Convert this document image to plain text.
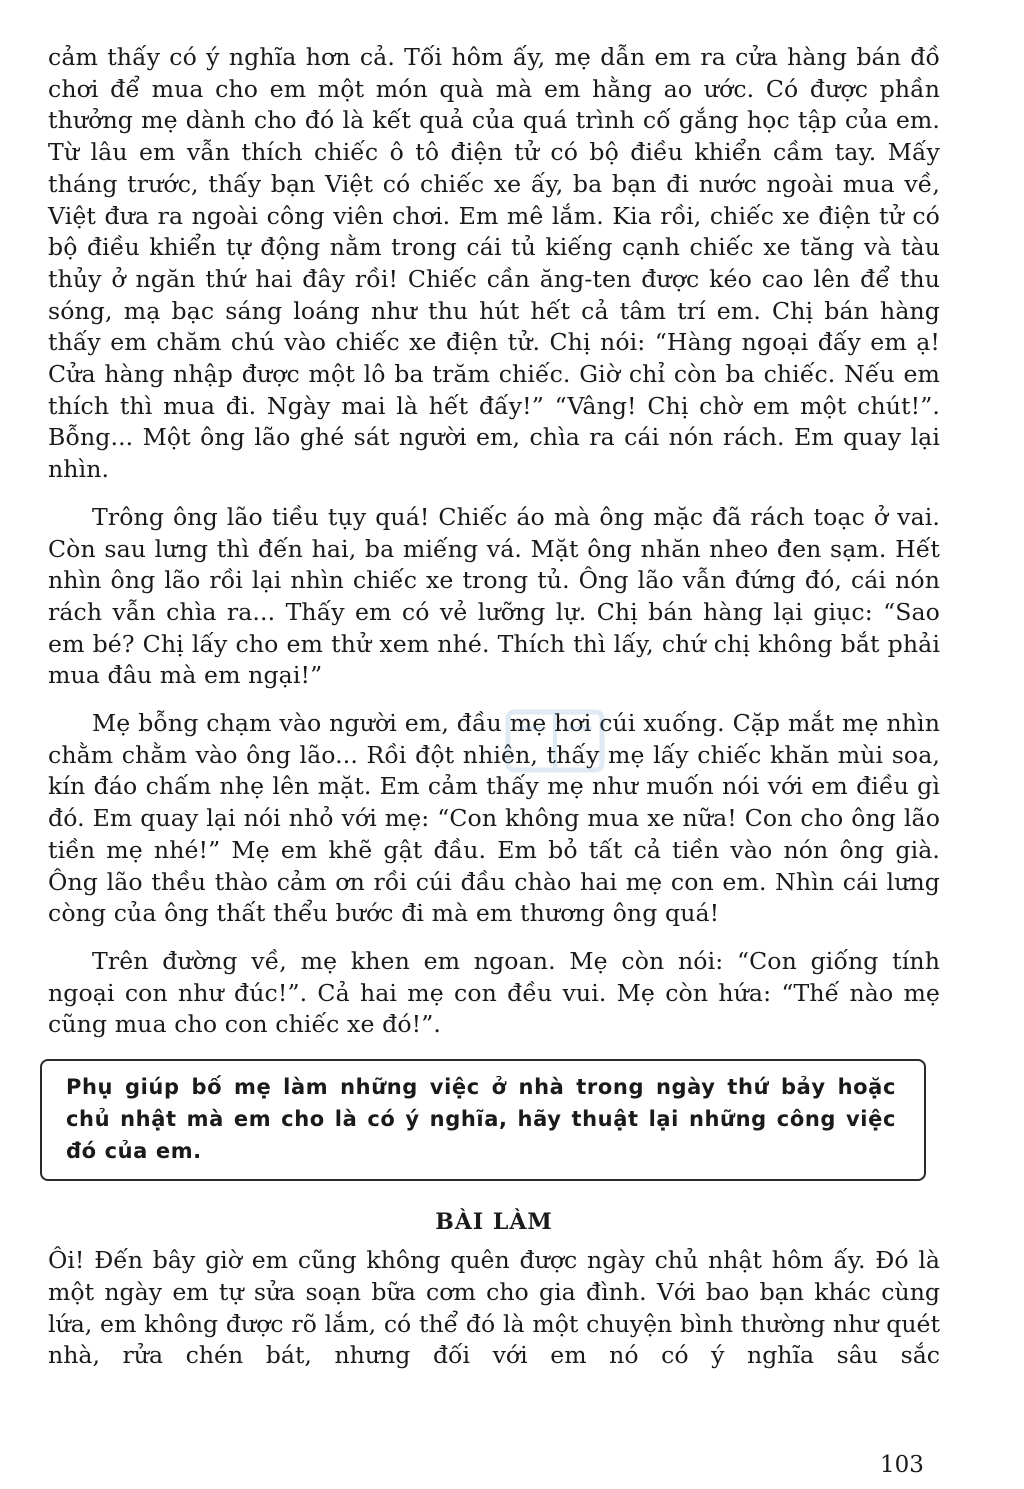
cảm thấy có ý nghĩa hơn cả. Tối hôm ấy, mẹ dẫn em ra cửa hàng bán đồ chơi để mua cho em một món quà mà em hằng ao ước. Có được phần thưởng mẹ dành cho đó là kết quả của quá trình cố gắng học tập của em. Từ lâu em vẫn thích chiếc ô tô điện tử có bộ điều khiển cầm tay. Mấy tháng trước, thấy bạn Việt có chiếc xe ấy, ba bạn đi nước ngoài mua về, Việt đưa ra ngoài công viên chơi. Em mê lắm. Kia rồi, chiếc xe điện tử có bộ điều khiển tự động nằm trong cái tủ kiếng cạnh chiếc xe tăng và tàu thủy ở ngăn thứ hai đây rồi! Chiếc cần ăng-ten được kéo cao lên để thu sóng, mạ bạc sáng loáng như thu hút hết cả tâm trí em. Chị bán hàng thấy em chăm chú vào chiếc xe điện tử. Chị nói: “Hàng ngoại đấy em ạ! Cửa hàng nhập được một lô ba trăm chiếc. Giờ chỉ còn ba chiếc. Nếu em thích thì mua đi. Ngày mai là hết đấy!” “Vâng! Chị chờ em một chút!”. Bỗng... Một ông lão ghé sát người em, chìa ra cái nón rách. Em quay lại nhìn.

Trông ông lão tiều tụy quá! Chiếc áo mà ông mặc đã rách toạc ở vai. Còn sau lưng thì đến hai, ba miếng vá. Mặt ông nhăn nheo đen sạm. Hết nhìn ông lão rồi lại nhìn chiếc xe trong tủ. Ông lão vẫn đứng đó, cái nón rách vẫn chìa ra... Thấy em có vẻ lưỡng lự. Chị bán hàng lại giục: “Sao em bé? Chị lấy cho em thử xem nhé. Thích thì lấy, chứ chị không bắt phải mua đâu mà em ngại!”

Mẹ bỗng chạm vào người em, đầu mẹ hơi cúi xuống. Cặp mắt mẹ nhìn chằm chằm vào ông lão... Rồi đột nhiên, thấy mẹ lấy chiếc khăn mùi soa, kín đáo chấm nhẹ lên mặt. Em cảm thấy mẹ như muốn nói với em điều gì đó. Em quay lại nói nhỏ với mẹ: “Con không mua xe nữa! Con cho ông lão tiền mẹ nhé!” Mẹ em khẽ gật đầu. Em bỏ tất cả tiền vào nón ông già. Ông lão thều thào cảm ơn rồi cúi đầu chào hai mẹ con em. Nhìn cái lưng còng của ông thất thểu bước đi mà em thương ông quá!

Trên đường về, mẹ khen em ngoan. Mẹ còn nói: “Con giống tính ngoại con như đúc!”. Cả hai mẹ con đều vui. Mẹ còn hứa: “Thế nào mẹ cũng mua cho con chiếc xe đó!”.

Phụ giúp bố mẹ làm những việc ở nhà trong ngày thứ bảy hoặc chủ nhật mà em cho là có ý nghĩa, hãy thuật lại những công việc đó của em.
BÀI LÀM

Ôi! Đến bây giờ em cũng không quên được ngày chủ nhật hôm ấy. Đó là một ngày em tự sửa soạn bữa cơm cho gia đình. Với bao bạn khác cùng lứa, em không được rõ lắm, có thể đó là một chuyện bình thường như quét nhà, rửa chén bát, nhưng đối với em nó có ý nghĩa sâu sắc

103
